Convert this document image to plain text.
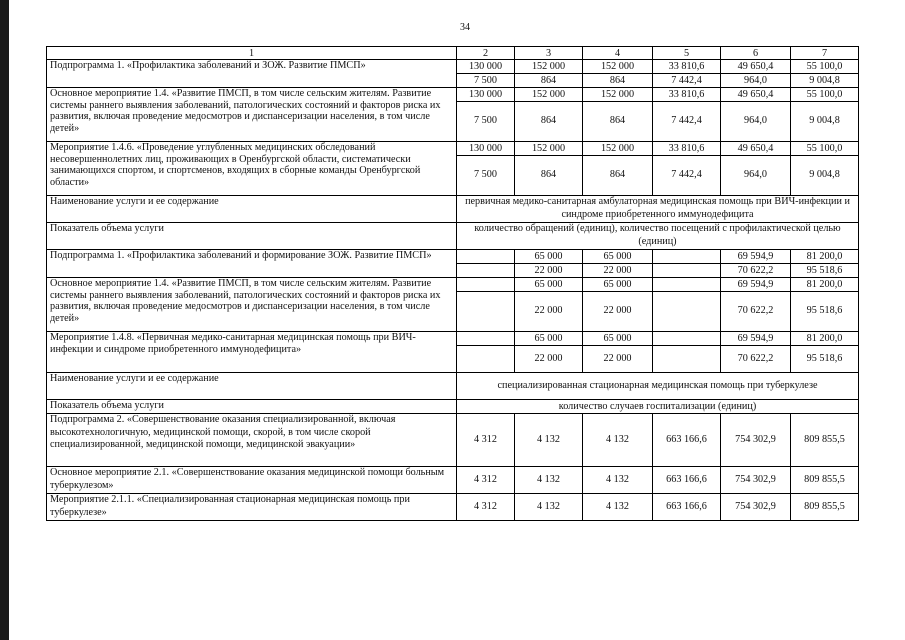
34
1	2	3	4	5	6	7
Подпрограмма 1. «Профилактика заболеваний и ЗОЖ. Развитие ПМСП»	130 000	152 000	152 000	33 810,6	49 650,4	55 100,0
	7 500	864	864	7 442,4	964,0	9 004,8
Основное мероприятие 1.4. «Развитие ПМСП, в том числе сельским жителям. Развитие системы раннего выявления заболеваний, патологических состояний и факторов риска их развития, включая проведение медосмотров и диспансеризации населения, в том числе детей»	130 000	152 000	152 000	33 810,6	49 650,4	55 100,0
	7 500	864	864	7 442,4	964,0	9 004,8
Мероприятие 1.4.6. «Проведение углубленных медицинских обследований несовершеннолетних лиц, проживающих в Оренбургской области, систематически занимающихся спортом, и спортсменов, входящих в сборные команды Оренбургской области»	130 000	152 000	152 000	33 810,6	49 650,4	55 100,0
	7 500	864	864	7 442,4	964,0	9 004,8
Наименование услуги и ее содержание	первичная медико-санитарная амбулаторная медицинская помощь при ВИЧ-инфекции и синдроме приобретенного иммунодефицита					
Показатель объема услуги	количество обращений (единиц), количество посещений с профилактической целью (единиц)					
Подпрограмма 1. «Профилактика заболеваний и формирование ЗОЖ. Развитие ПМСП»		65 000	65 000		69 594,9	81 200,0
		22 000	22 000		70 622,2	95 518,6
Основное мероприятие 1.4. «Развитие ПМСП, в том числе сельским жителям. Развитие системы раннего выявления заболеваний, патологических состояний и факторов риска их развития, включая проведение медосмотров и диспансеризации населения, в том числе детей»		65 000	65 000		69 594,9	81 200,0
		22 000	22 000		70 622,2	95 518,6
Мероприятие 1.4.8. «Первичная медико-санитарная медицинская помощь при ВИЧ-инфекции и синдроме приобретенного иммунодефицита»		65 000	65 000		69 594,9	81 200,0
		22 000	22 000		70 622,2	95 518,6
Наименование услуги и ее содержание	специализированная стационарная медицинская помощь при туберкулезе					
Показатель объема услуги	количество случаев госпитализации (единиц)					
Подпрограмма 2. «Совершенствование оказания специализированной, включая высокотехнологичную, медицинской помощи, скорой, в том числе скорой специализированной, медицинской помощи, медицинской эвакуации»	4 312	4 132	4 132	663 166,6	754 302,9	809 855,5
Основное мероприятие 2.1. «Совершенствование оказания медицинской помощи больным туберкулезом»	4 312	4 132	4 132	663 166,6	754 302,9	809 855,5
Мероприятие 2.1.1. «Специализированная стационарная медицинская помощь при туберкулезе»	4 312	4 132	4 132	663 166,6	754 302,9	809 855,5
